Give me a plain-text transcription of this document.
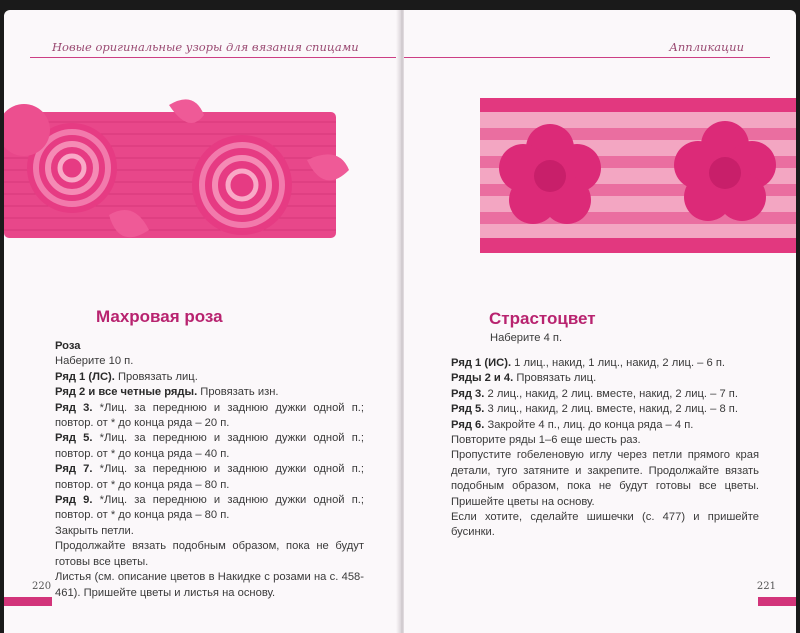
Новые оригинальные узоры для вязания спицами
Махровая роза

Роза

Наберите 10 п.

Ряд 1 (ЛС). Провязать лиц.

Ряд 2 и все четные ряды. Провязать изн.

Ряд 3. *Лиц. за переднюю и заднюю дужки одной п.; повтор. от * до конца ряда – 20 п.

Ряд 5. *Лиц. за переднюю и заднюю дужки одной п.; повтор. от * до конца ряда – 40 п.

Ряд 7. *Лиц. за переднюю и заднюю дужки одной п.; повтор. от * до конца ряда – 80 п.

Ряд 9. *Лиц. за переднюю и заднюю дужки одной п.; повтор. от * до конца ряда – 80 п.

Закрыть петли.

Продолжайте вязать подобным образом, пока не будут готовы все цветы.

Листья (см. описание цветов в Накидке с розами на с. 458-461). Пришейте цветы и листья на основу.

220
Аппликации
Страстоцвет
Наберите 4 п.

Ряд 1 (ИС). 1 лиц., накид, 1 лиц., накид, 2 лиц. – 6 п.

Ряды 2 и 4. Провязать лиц.

Ряд 3. 2 лиц., накид, 2 лиц. вместе, накид, 2 лиц. – 7 п.

Ряд 5. 3 лиц., накид, 2 лиц. вместе, накид, 2 лиц. – 8 п.

Ряд 6. Закройте 4 п., лиц. до конца ряда – 4 п.

Повторите ряды 1–6 еще шесть раз.

Пропустите гобеленовую иглу через петли прямого края детали, туго затяните и закрепите. Продолжайте вязать подобным образом, пока не будут готовы все цветы. Пришейте цветы на основу.

Если хотите, сделайте шишечки (с. 477) и пришейте бусинки.

221
